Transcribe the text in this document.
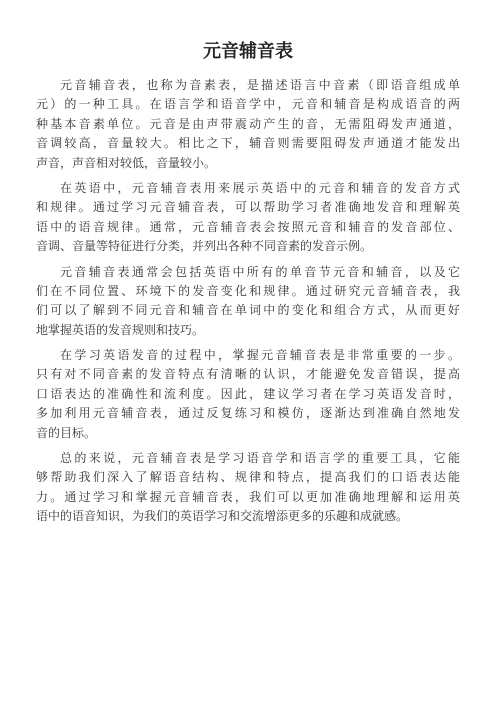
元音辅音表
元音辅音表，也称为音素表，是描述语言中音素（即语音组成单
元）的一种工具。在语言学和语音学中，元音和辅音是构成语音的两
种基本音素单位。元音是由声带震动产生的音，无需阻碍发声通道，
音调较高，音量较大。相比之下，辅音则需要阻碍发声通道才能发出
声音，声音相对较低，音量较小。
在英语中，元音辅音表用来展示英语中的元音和辅音的发音方式
和规律。通过学习元音辅音表，可以帮助学习者准确地发音和理解英
语中的语音规律。通常，元音辅音表会按照元音和辅音的发音部位、
音调、音量等特征进行分类，并列出各种不同音素的发音示例。
元音辅音表通常会包括英语中所有的单音节元音和辅音，以及它
们在不同位置、环境下的发音变化和规律。通过研究元音辅音表，我
们可以了解到不同元音和辅音在单词中的变化和组合方式，从而更好
地掌握英语的发音规则和技巧。
在学习英语发音的过程中，掌握元音辅音表是非常重要的一步。
只有对不同音素的发音特点有清晰的认识，才能避免发音错误，提高
口语表达的准确性和流利度。因此，建议学习者在学习英语发音时，
多加利用元音辅音表，通过反复练习和模仿，逐渐达到准确自然地发
音的目标。
总的来说，元音辅音表是学习语音学和语言学的重要工具，它能
够帮助我们深入了解语音结构、规律和特点，提高我们的口语表达能
力。通过学习和掌握元音辅音表，我们可以更加准确地理解和运用英
语中的语音知识，为我们的英语学习和交流增添更多的乐趣和成就感。
